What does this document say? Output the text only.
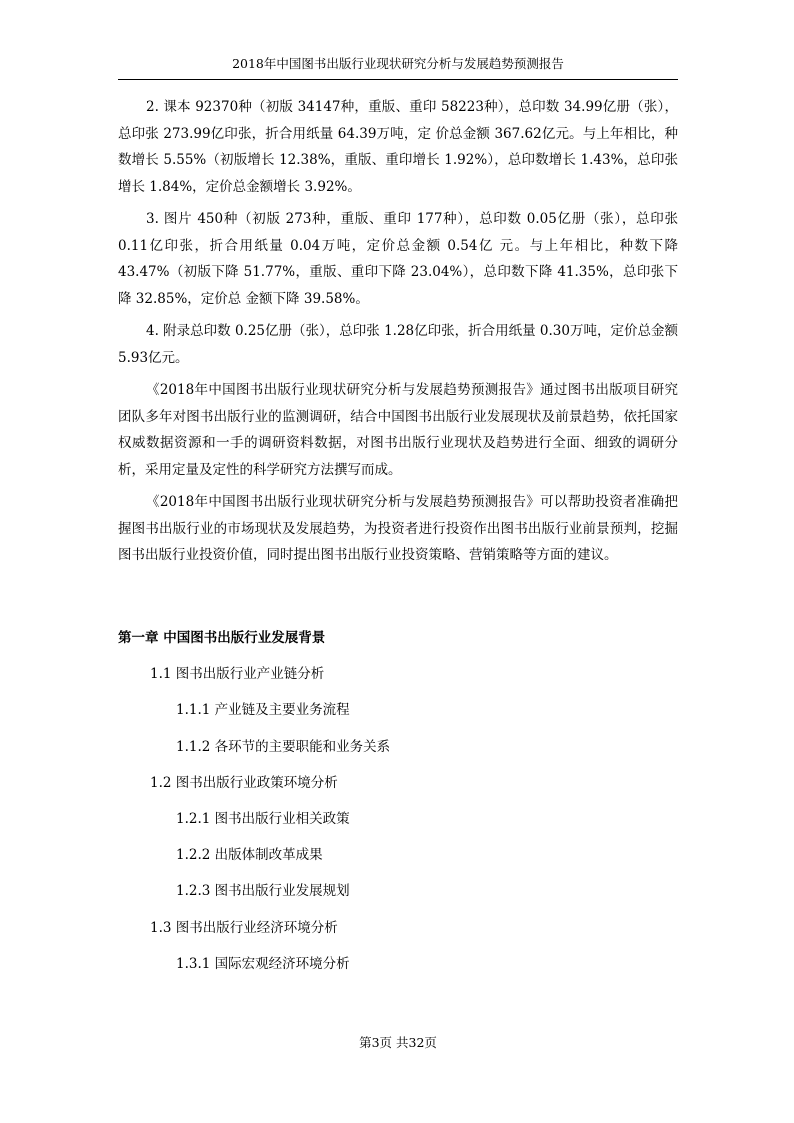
2018年中国图书出版行业现状研究分析与发展趋势预测报告

2. 课本 92370种（初版 34147种，重版、重印 58223种），总印数 34.99亿册（张），总印张 273.99亿印张，折合用纸量 64.39万吨，定 价总金额 367.62亿元。与上年相比，种数增长 5.55%（初版增长 12.38%，重版、重印增长 1.92%），总印数增长 1.43%，总印张增长 1.84%，定价总金额增长 3.92%。

3. 图片 450种（初版 273种，重版、重印 177种），总印数 0.05亿册（张），总印张 0.11亿印张，折合用纸量 0.04万吨，定价总金额 0.54亿 元。与上年相比，种数下降 43.47%（初版下降 51.77%，重版、重印下降 23.04%），总印数下降 41.35%，总印张下降 32.85%，定价总 金额下降 39.58%。

4. 附录总印数 0.25亿册（张），总印张 1.28亿印张，折合用纸量 0.30万吨，定价总金额 5.93亿元。

《2018年中国图书出版行业现状研究分析与发展趋势预测报告》通过图书出版项目研究团队多年对图书出版行业的监测调研，结合中国图书出版行业发展现状及前景趋势，依托国家权威数据资源和一手的调研资料数据，对图书出版行业现状及趋势进行全面、细致的调研分析，采用定量及定性的科学研究方法撰写而成。

《2018年中国图书出版行业现状研究分析与发展趋势预测报告》可以帮助投资者准确把握图书出版行业的市场现状及发展趋势，为投资者进行投资作出图书出版行业前景预判，挖掘图书出版行业投资价值，同时提出图书出版行业投资策略、营销策略等方面的建议。

第一章 中国图书出版行业发展背景
1.1 图书出版行业产业链分析
1.1.1 产业链及主要业务流程
1.1.2 各环节的主要职能和业务关系
1.2 图书出版行业政策环境分析
1.2.1 图书出版行业相关政策
1.2.2 出版体制改革成果
1.2.3 图书出版行业发展规划
1.3 图书出版行业经济环境分析
1.3.1 国际宏观经济环境分析
第3页 共32页
